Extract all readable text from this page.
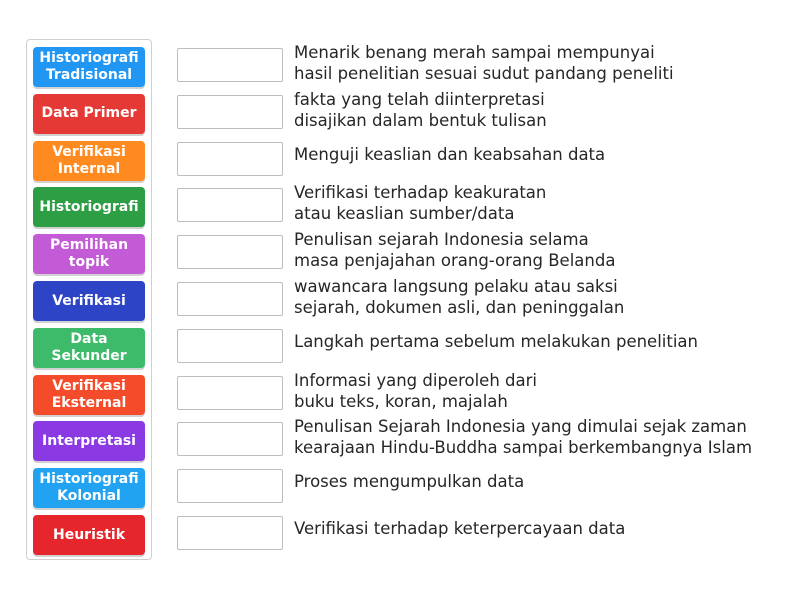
Historiografi Tradisional
Data Primer
Verifikasi Internal
Historiografi
Pemilihan topik
Verifikasi
Data Sekunder
Verifikasi Eksternal
Interpretasi
Historiografi Kolonial
Heuristik
Menarik benang merah sampai mempunyai
hasil penelitian sesuai sudut pandang peneliti
fakta yang telah diinterpretasi
disajikan dalam bentuk tulisan
Menguji keaslian dan keabsahan data
Verifikasi terhadap keakuratan
atau keaslian sumber/data
Penulisan sejarah Indonesia selama
masa penjajahan orang-orang Belanda
wawancara langsung pelaku atau saksi
sejarah, dokumen asli, dan peninggalan
Langkah pertama sebelum melakukan penelitian
Informasi yang diperoleh dari
buku teks, koran, majalah
Penulisan Sejarah Indonesia yang dimulai sejak zaman
kearajaan Hindu-Buddha sampai berkembangnya Islam
Proses mengumpulkan data
Verifikasi terhadap keterpercayaan data
